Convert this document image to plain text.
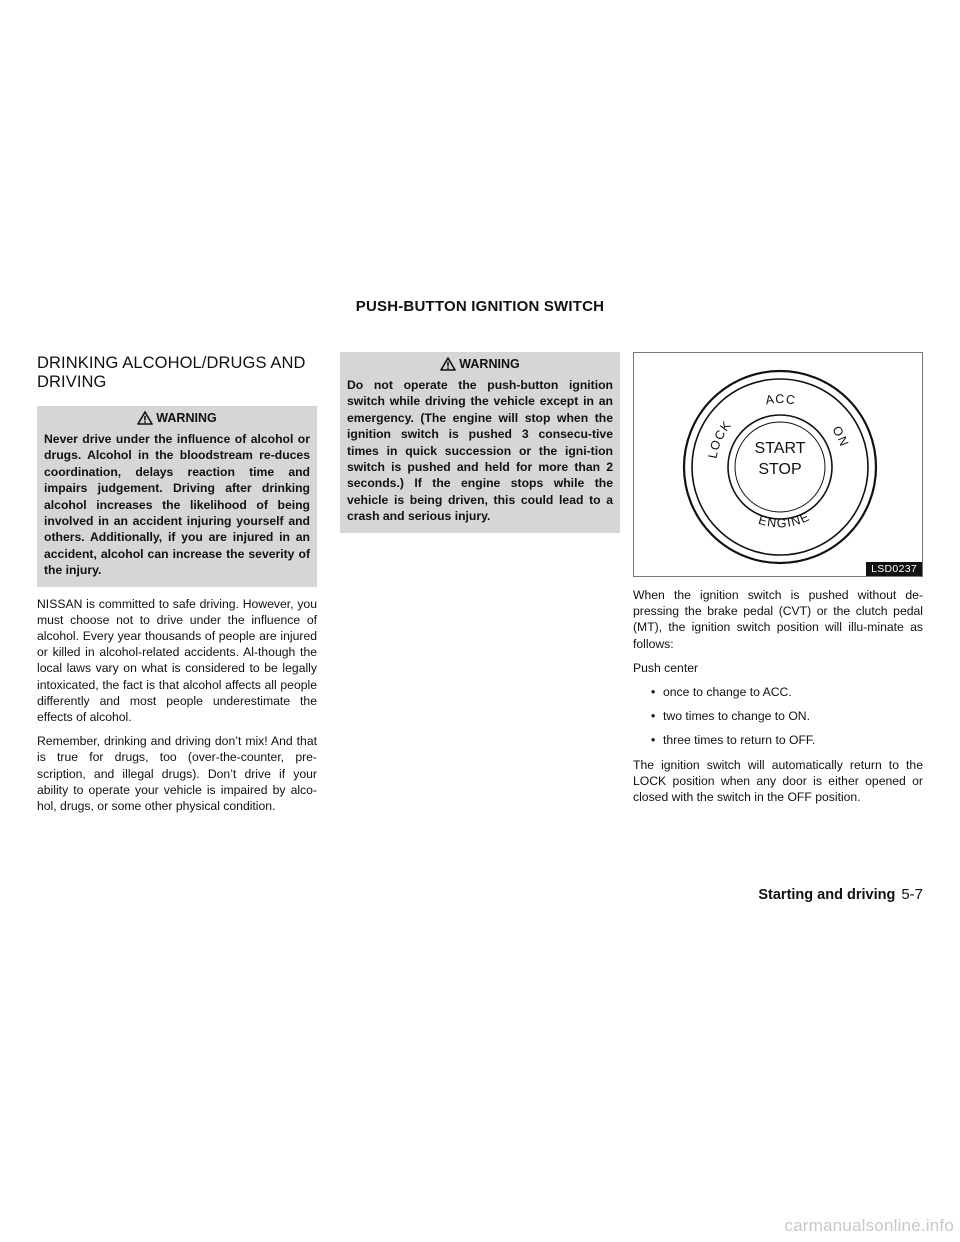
PUSH-BUTTON IGNITION SWITCH
DRINKING ALCOHOL/DRUGS AND DRIVING
WARNING
Never drive under the influence of alcohol or drugs. Alcohol in the bloodstream re-duces coordination, delays reaction time and impairs judgement. Driving after drinking alcohol increases the likelihood of being involved in an accident injuring yourself and others. Additionally, if you are injured in an accident, alcohol can increase the severity of the injury.

NISSAN is committed to safe driving. However, you must choose not to drive under the influence of alcohol. Every year thousands of people are injured or killed in alcohol-related accidents. Al-though the local laws vary on what is considered to be legally intoxicated, the fact is that alcohol affects all people differently and most people underestimate the effects of alcohol.

Remember, drinking and driving don’t mix! And that is true for drugs, too (over-the-counter, pre-scription, and illegal drugs). Don’t drive if your ability to operate your vehicle is impaired by alco-hol, drugs, or some other physical condition.

WARNING
Do not operate the push-button ignition switch while driving the vehicle except in an emergency. (The engine will stop when the ignition switch is pushed 3 consecu-tive times in quick succession or the igni-tion switch is pushed and held for more than 2 seconds.) If the engine stops while the vehicle is being driven, this could lead to a crash and serious injury.
LOCK
ACC
ON
ENGINE
START
STOP
LSD0237

When the ignition switch is pushed without de-pressing the brake pedal (CVT) or the clutch pedal (MT), the ignition switch position will illu-minate as follows:

Push center

• once to change to ACC.
• two times to change to ON.
• three times to return to OFF.

The ignition switch will automatically return to the LOCK position when any door is either opened or closed with the switch in the OFF position.

Starting and driving 5-7
carmanualsonline.info
